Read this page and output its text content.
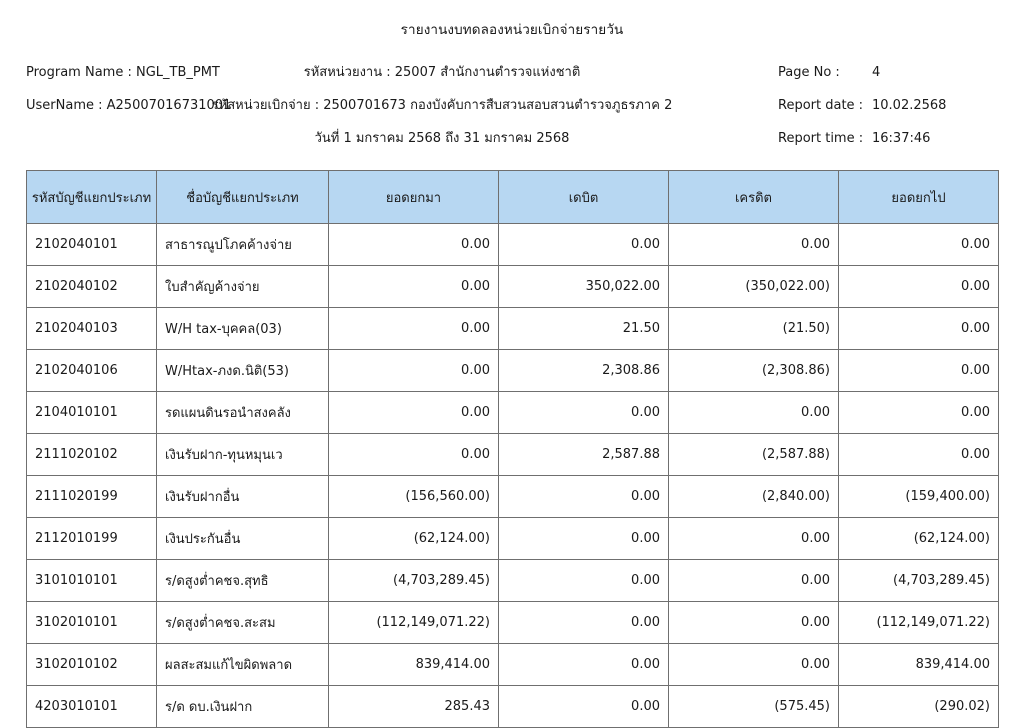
รายงานงบทดลองหน่วยเบิกจ่ายรายวัน
Program Name : NGL_TB_PMT	รหัสหน่วยงาน : 25007 สำนักงานตำรวจแห่งชาติ	Page No : 4
UserName : A25007016731001
รหัสหน่วยเบิกจ่าย : 2500701673 กองบังคับการสืบสวนสอบสวนตำรวจภูธรภาค 2	Report date : 10.02.2568
วันที่ 1 มกราคม 2568 ถึง 31 มกราคม 2568	Report time : 16:37:46
รหัสบัญชีแยกประเภท	ชื่อบัญชีแยกประเภท	ยอดยกมา	เดบิต	เครดิต	ยอดยกไป
2102040101	สาธารณูปโภคค้างจ่าย	0.00	0.00	0.00	0.00
2102040102	ใบสำคัญค้างจ่าย	0.00	350,022.00	(350,022.00)	0.00
2102040103	W/H tax-บุคคล(03)	0.00	21.50	(21.50)	0.00
2102040106	W/Htax-ภงด.นิติ(53)	0.00	2,308.86	(2,308.86)	0.00
2104010101	รดแผนดินรอนำสงคลัง	0.00	0.00	0.00	0.00
2111020102	เงินรับฝาก-ทุนหมุนเว	0.00	2,587.88	(2,587.88)	0.00
2111020199	เงินรับฝากอื่น	(156,560.00)	0.00	(2,840.00)	(159,400.00)
2112010199	เงินประกันอื่น	(62,124.00)	0.00	0.00	(62,124.00)
3101010101	ร/ดสูงต่ำคชจ.สุทธิ	(4,703,289.45)	0.00	0.00	(4,703,289.45)
3102010101	ร/ดสูงต่ำคชจ.สะสม	(112,149,071.22)	0.00	0.00	(112,149,071.22)
3102010102	ผลสะสมแก้ไขผิดพลาด	839,414.00	0.00	0.00	839,414.00
4203010101	ร/ด ดบ.เงินฝาก	285.43	0.00	(575.45)	(290.02)
